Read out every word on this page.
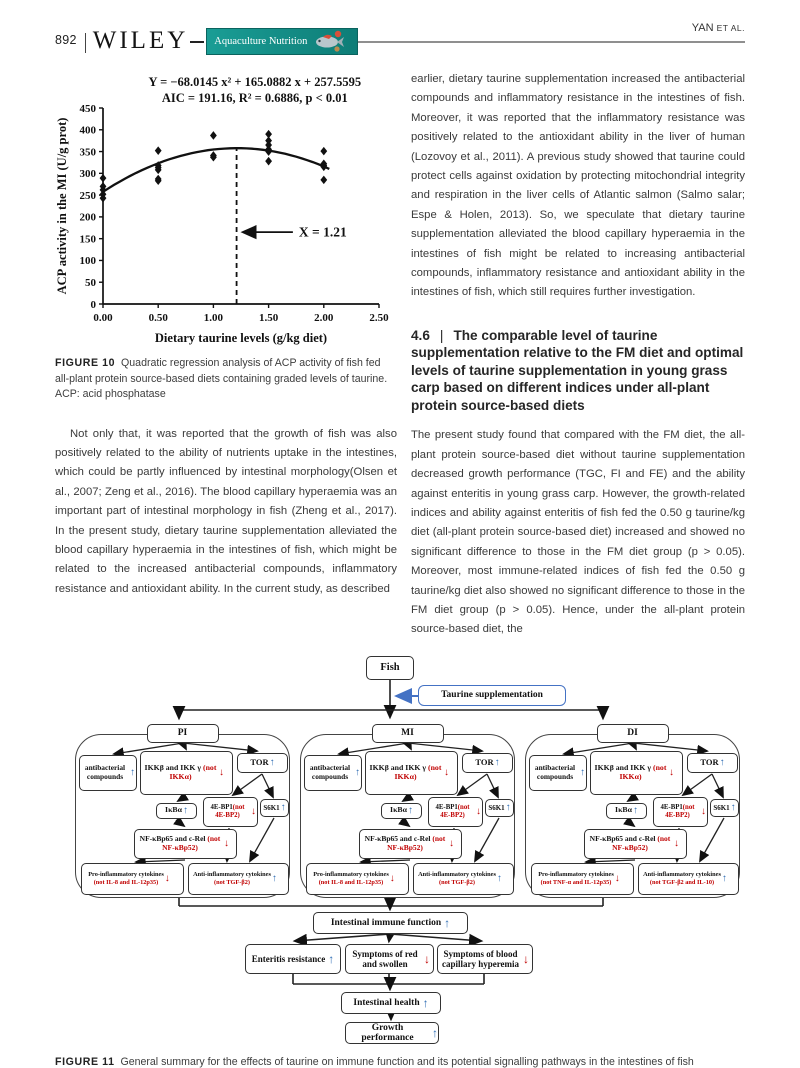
892 WILEY Aquaculture Nutrition
YAN ET AL.
0
50
100
150
200
250
300
350
400
450
0.00	0.50	1.00	1.50	2.00	2.50
Dietary taurine levels (g/kg diet)
ACP activity in the MI (U/g prot)
Y = −68.0145 x² + 165.0882 x + 257.5595
AIC = 191.16, R² = 0.6886, p < 0.01
X = 1.21

FIGURE 10 Quadratic regression analysis of ACP activity of fish fed all-plant protein source-based diets containing graded levels of taurine. ACP: acid phosphatase

Not only that, it was reported that the growth of fish was also positively related to the ability of nutrients uptake in the intestines, which could be partly influenced by intestinal morphology(Olsen et al., 2007; Zeng et al., 2016). The blood capillary hyperaemia was an important part of intestinal morphology in fish (Zheng et al., 2017). In the present study, dietary taurine supplementation alleviated the blood capillary hyperaemia in the intestines of fish, which might be related to the increased antibacterial compounds, inflammatory resistance and antioxidant ability. In the current study, as described

earlier, dietary taurine supplementation increased the antibacterial compounds and inflammatory resistance in the intestines of fish. Moreover, it was reported that the inflammatory resistance was positively related to the antioxidant ability in the liver of human (Lozovoy et al., 2011). A previous study showed that taurine could protect cells against oxidation by protecting mitochondrial integrity and respiration in the liver cells of Atlantic salmon (Salmo salar; Espe & Holen, 2013). So, we speculate that dietary taurine supplementation alleviated the blood capillary hyperaemia in the intestines of fish might be related to increasing antibacterial compounds, inflammatory resistance and antioxidant ability in the intestines of fish, which still requires further investigation.

4.6 | The comparable level of taurine supplementation relative to the FM diet and optimal levels of taurine supplementation in young grass carp based on different indices under all-plant protein source-based diets

The present study found that compared with the FM diet, the all-plant protein source-based diet without taurine supplementation decreased growth performance (TGC, FI and FE) and the ability against enteritis in young grass carp. However, the growth-related indices and ability against enteritis of fish fed the 0.50 g taurine/kg diet (all-plant protein source-based diet) increased and showed no significant difference to those in the FM diet group (p > 0.05). Moreover, most immune-related indices of fish fed the 0.50 g taurine/kg diet also showed no significant difference to those in the FM diet group (p > 0.05). Hence, under the all-plant protein source-based diet, the

Fish
Taurine supplementation
PI
antibacterial compounds ↑ IKKβ and IKK γ (not IKKα)	↓
TOR ↑
IκBα ↑	4E-BP1(not 4E-BP2)	↓ S6K1 ↑
NF-κBp65 and c-Rel (not NF-κBp52)	↓
Pro-inflammatory cytokines
(not IL-8 and IL-12p35) ↓	Anti-inflammatory cytokines
(not TGF-β2)	↑
MI
antibacterial compounds ↑ IKKβ and IKK γ (not IKKα)	↓
TOR ↑
IκBα ↑	4E-BP1(not 4E-BP2)	↓ S6K1 ↑
NF-κBp65 and c-Rel (not NF-κBp52)	↓
Pro-inflammatory cytokines
(not IL-8 and IL-12p35) ↓	Anti-inflammatory cytokines
(not TGF-β2)	↑
DI
antibacterial compounds ↑ IKKβ and IKK γ (not IKKα)	↓
TOR ↑
IκBα ↑	4E-BP1(not 4E-BP2)	↓ S6K1 ↑
NF-κBp65 and c-Rel (not NF-κBp52)	↓
Pro-inflammatory cytokines
(not TNF-α and IL-12p35) ↓	Anti-inflammatory cytokines
(not TGF-β2 and IL-10) ↑
Intestinal immune function ↑
Enteritis resistance ↑	Symptoms of red and swollen	↓ Symptoms of blood capillary hyperemia ↓
Intestinal health ↑
Growth performance	↑

FIGURE 11 General summary for the effects of taurine on immune function and its potential signalling pathways in the intestines of fish
